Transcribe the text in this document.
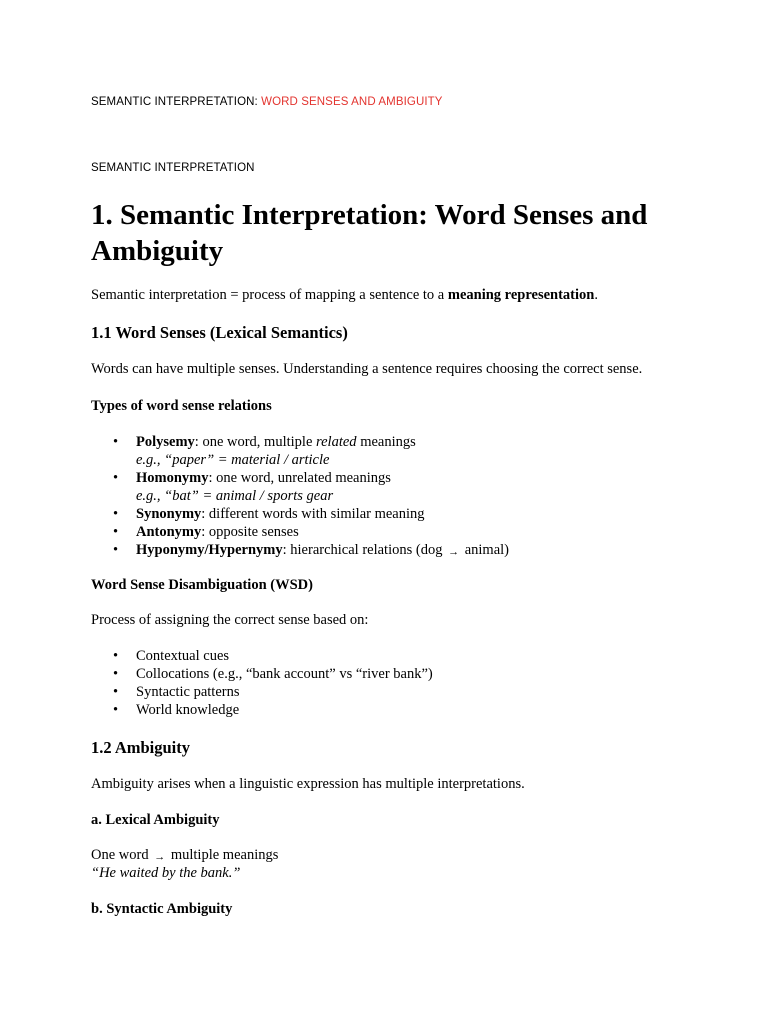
SEMANTIC INTERPRETATION: WORD SENSES AND AMBIGUITY
SEMANTIC INTERPRETATION
1. Semantic Interpretation: Word Senses and Ambiguity
Semantic interpretation = process of mapping a sentence to a meaning representation.
1.1 Word Senses (Lexical Semantics)
Words can have multiple senses. Understanding a sentence requires choosing the correct sense.
Types of word sense relations
• Polysemy: one word, multiple related meanings
e.g., “paper” = material / article
• Homonymy: one word, unrelated meanings
e.g., “bat” = animal / sports gear
• Synonymy: different words with similar meaning
• Antonymy: opposite senses
• Hyponymy/Hypernymy: hierarchical relations (dog → animal)
Word Sense Disambiguation (WSD)
Process of assigning the correct sense based on:
• Contextual cues
• Collocations (e.g., “bank account” vs “river bank”)
• Syntactic patterns
• World knowledge
1.2 Ambiguity
Ambiguity arises when a linguistic expression has multiple interpretations.
a. Lexical Ambiguity
One word → multiple meanings
“He waited by the bank.”
b. Syntactic Ambiguity
